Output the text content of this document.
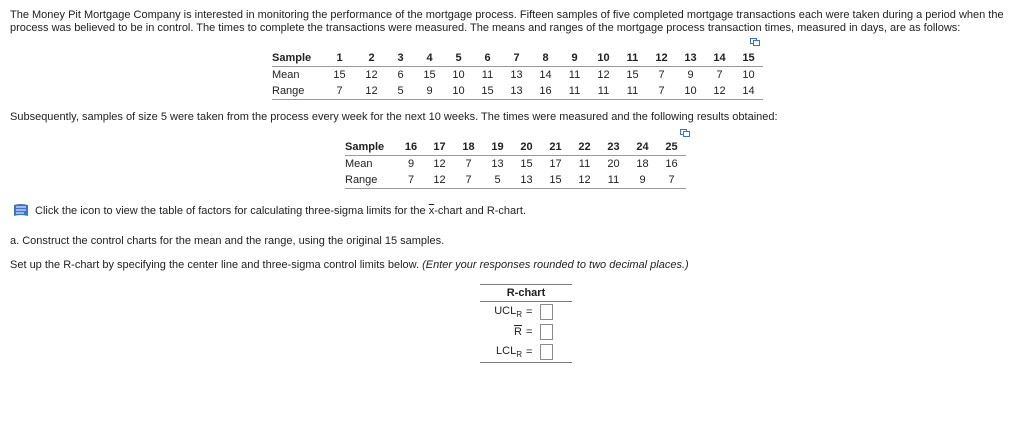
The Money Pit Mortgage Company is interested in monitoring the performance of the mortgage process. Fifteen samples of five completed mortgage transactions each were taken during a period when the process was believed to be in control. The times to complete the transactions were measured. The means and ranges of the mortgage process transaction times, measured in days, are as follows:
Sample	1	2	3	4	5	6	7	8	9	10	11	12	13	14	15
Mean	15	12	6	15	10	11	13	14	11	12	15	7	9	7	10
Range	7	12	5	9	10	15	13	16	11	11	11	7	10	12	14
Subsequently, samples of size 5 were taken from the process every week for the next 10 weeks. The times were measured and the following results obtained:
Sample	16	17	18	19	20	21	22	23	24	25
Mean	9	12	7	13	15	17	11	20	18	16
Range	7	12	7	5	13	15	12	11	9	7
Click the icon to view the table of factors for calculating three-sigma limits for the $\overline{x}$-chart and R-chart.
a. Construct the control charts for the mean and the range, using the original 15 samples.
Set up the R-chart by specifying the center line and three-sigma control limits below. (Enter your responses rounded to two decimal places.)
R-chart		
$UCL_R$	=	
$\overline{R}$	=	
$LCL_R$	=	
